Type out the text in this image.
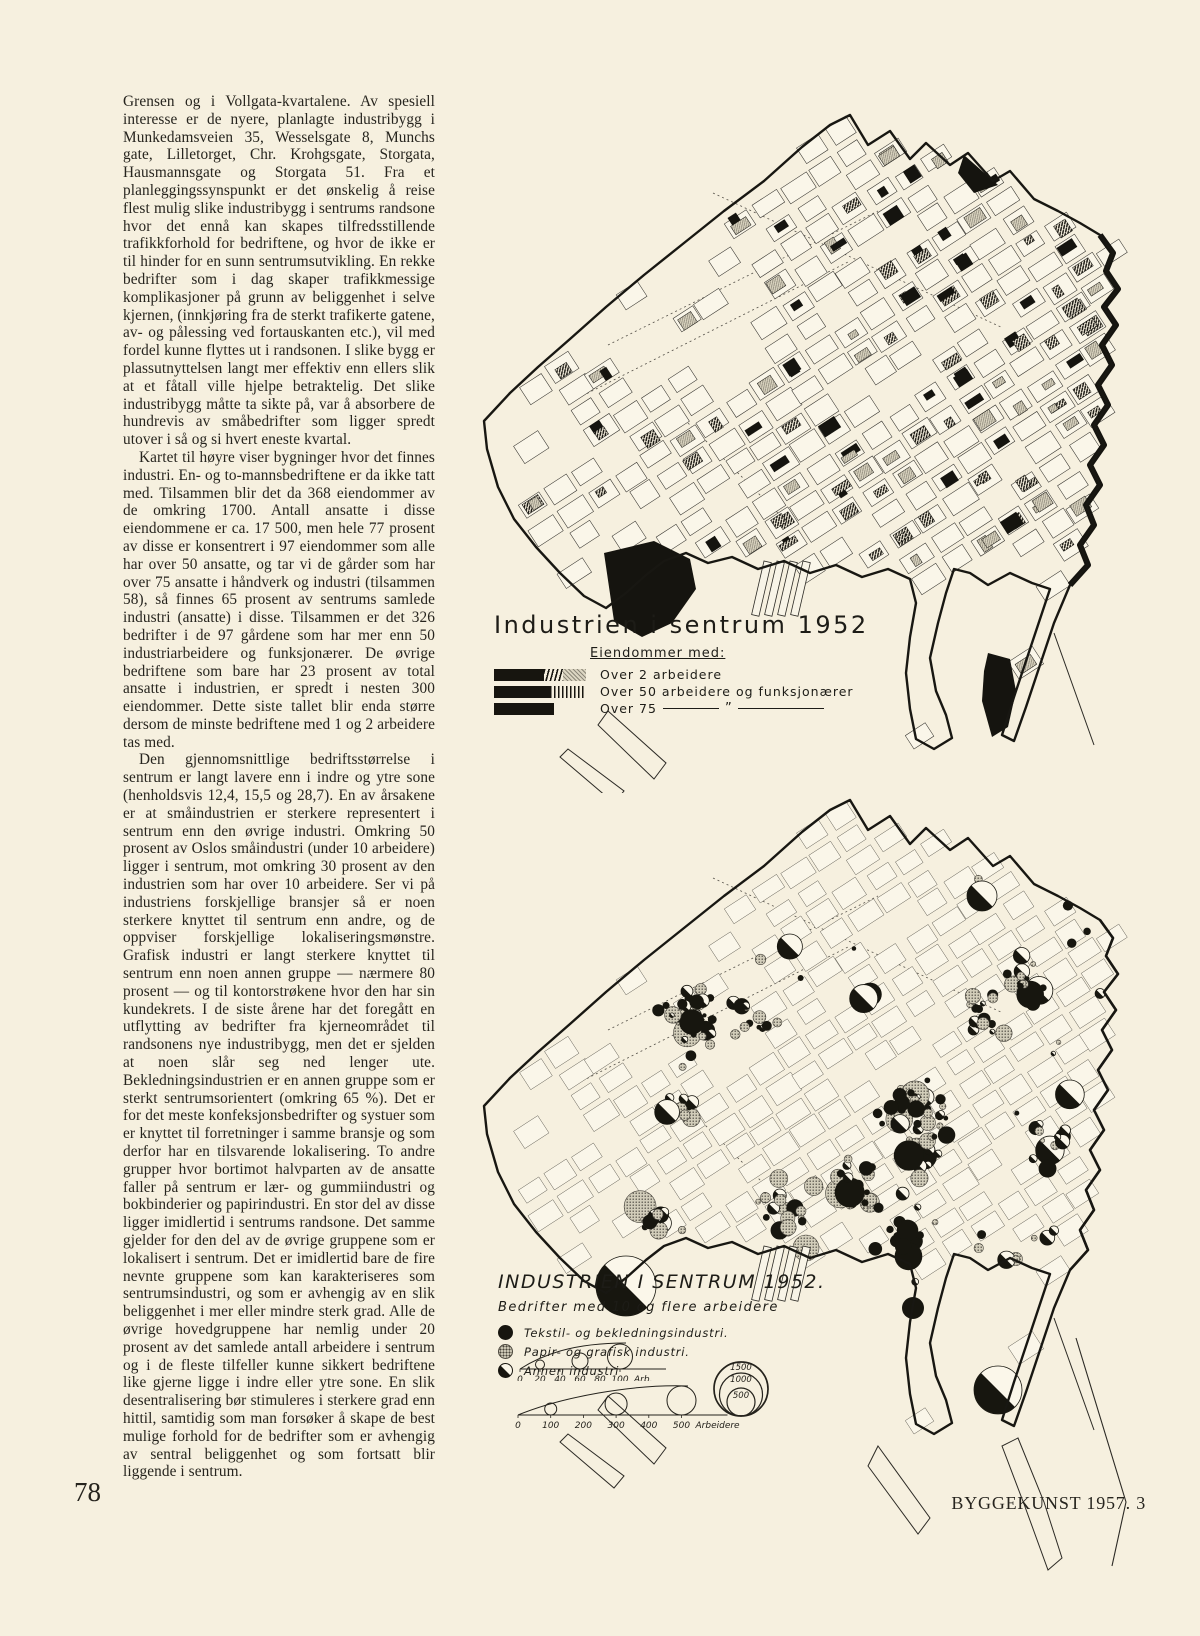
Grensen og i Vollgata-kvartalene. Av spesiell interesse er de nyere, planlagte industribygg i Munkedamsveien 35, Wesselsgate 8, Munchs gate, Lilletorget, Chr. Krohgsgate, Storgata, Hausmannsgate og Storgata 51. Fra et planleggingssynspunkt er det ønskelig å reise flest mulig slike industribygg i sentrums randsone hvor det ennå kan skapes tilfredsstillende trafikkforhold for bedriftene, og hvor de ikke er til hinder for en sunn sentrumsutvikling. En rekke bedrifter som i dag skaper trafikkmessige komplikasjoner på grunn av beliggenhet i selve kjernen, (innkjøring fra de sterkt trafikerte gatene, av- og pålessing ved fortauskanten etc.), vil med fordel kunne flyttes ut i randsonen. I slike bygg er plassutnyttelsen langt mer effektiv enn ellers slik at et fåtall ville hjelpe betraktelig. Det slike industribygg måtte ta sikte på, var å absorbere de hundrevis av småbedrifter som ligger spredt utover i så og si hvert eneste kvartal.

Kartet til høyre viser bygninger hvor det finnes industri. En- og to-mannsbedriftene er da ikke tatt med. Tilsammen blir det da 368 eiendommer av de omkring 1700. Antall ansatte i disse eiendommene er ca. 17 500, men hele 77 prosent av disse er konsentrert i 97 eiendommer som alle har over 50 ansatte, og tar vi de gårder som har over 75 ansatte i håndverk og industri (tilsammen 58), så finnes 65 prosent av sentrums samlede industri (ansatte) i disse. Tilsammen er det 326 bedrifter i de 97 gårdene som har mer enn 50 industriarbeidere og funksjonærer. De øvrige bedriftene som bare har 23 prosent av total ansatte i industrien, er spredt i nesten 300 eiendommer. Dette siste tallet blir enda større dersom de minste bedriftene med 1 og 2 arbeidere tas med.

Den gjennomsnittlige bedriftsstørrelse i sentrum er langt lavere enn i indre og ytre sone (henholdsvis 12,4, 15,5 og 28,7). En av årsakene er at småindustrien er sterkere representert i sentrum enn den øvrige industri. Omkring 50 prosent av Oslos småindustri (under 10 arbeidere) ligger i sentrum, mot omkring 30 prosent av den industrien som har over 10 arbeidere. Ser vi på industriens forskjellige bransjer så er noen sterkere knyttet til sentrum enn andre, og de oppviser forskjellige lokaliseringsmønstre. Grafisk industri er langt sterkere knyttet til sentrum enn noen annen gruppe — nærmere 80 prosent — og til kontorstrøkene hvor den har sin kundekrets. I de siste årene har det foregått en utflytting av bedrifter fra kjerneområdet til randsonens nye industribygg, men det er sjelden at noen slår seg ned lenger ute. Bekledningsindustrien er en annen gruppe som er sterkt sentrumsorientert (omkring 65 %). Det er for det meste konfeksjonsbedrifter og systuer som er knyttet til forretninger i samme bransje og som derfor har en tilsvarende lokalisering. To andre grupper hvor bortimot halvparten av de ansatte faller på sentrum er lær- og gummiindustri og bokbinderier og papirindustri. En stor del av disse ligger imidlertid i sentrums randsone. Det samme gjelder for den del av de øvrige gruppene som er lokalisert i sentrum. Det er imidlertid bare de fire nevnte gruppene som kan karakteriseres som sentrumsindustri, og som er avhengig av en slik beliggenhet i mer eller mindre sterk grad. Alle de øvrige hovedgruppene har nemlig under 20 prosent av det samlede antall arbeidere i sentrum og i de fleste tilfeller kunne sikkert bedriftene like gjerne ligge i indre eller ytre sone. En slik desentralisering bør stimuleres i sterkere grad enn hittil, samtidig som man forsøker å skape de best mulige forhold for de bedrifter som er avhengig av sentral beliggenhet og som fortsatt blir liggende i sentrum.

Industrien i sentrum 1952
Eiendommer med:
Over 2 arbeidere
Over 50 arbeidere og funksjonærer
Over 75	”
INDUSTRIEN I SENTRUM 1952.
Bedrifter med 10 og flere arbeidere
Tekstil- og bekledningsindustri.
Papir- og grafisk industri.
Annen industri
0 20 40 60 80 100 Arb.
0 100 200 300 400 500 Arbeidere
1500
1000
500
78	BYGGEKUNST 1957. 3
